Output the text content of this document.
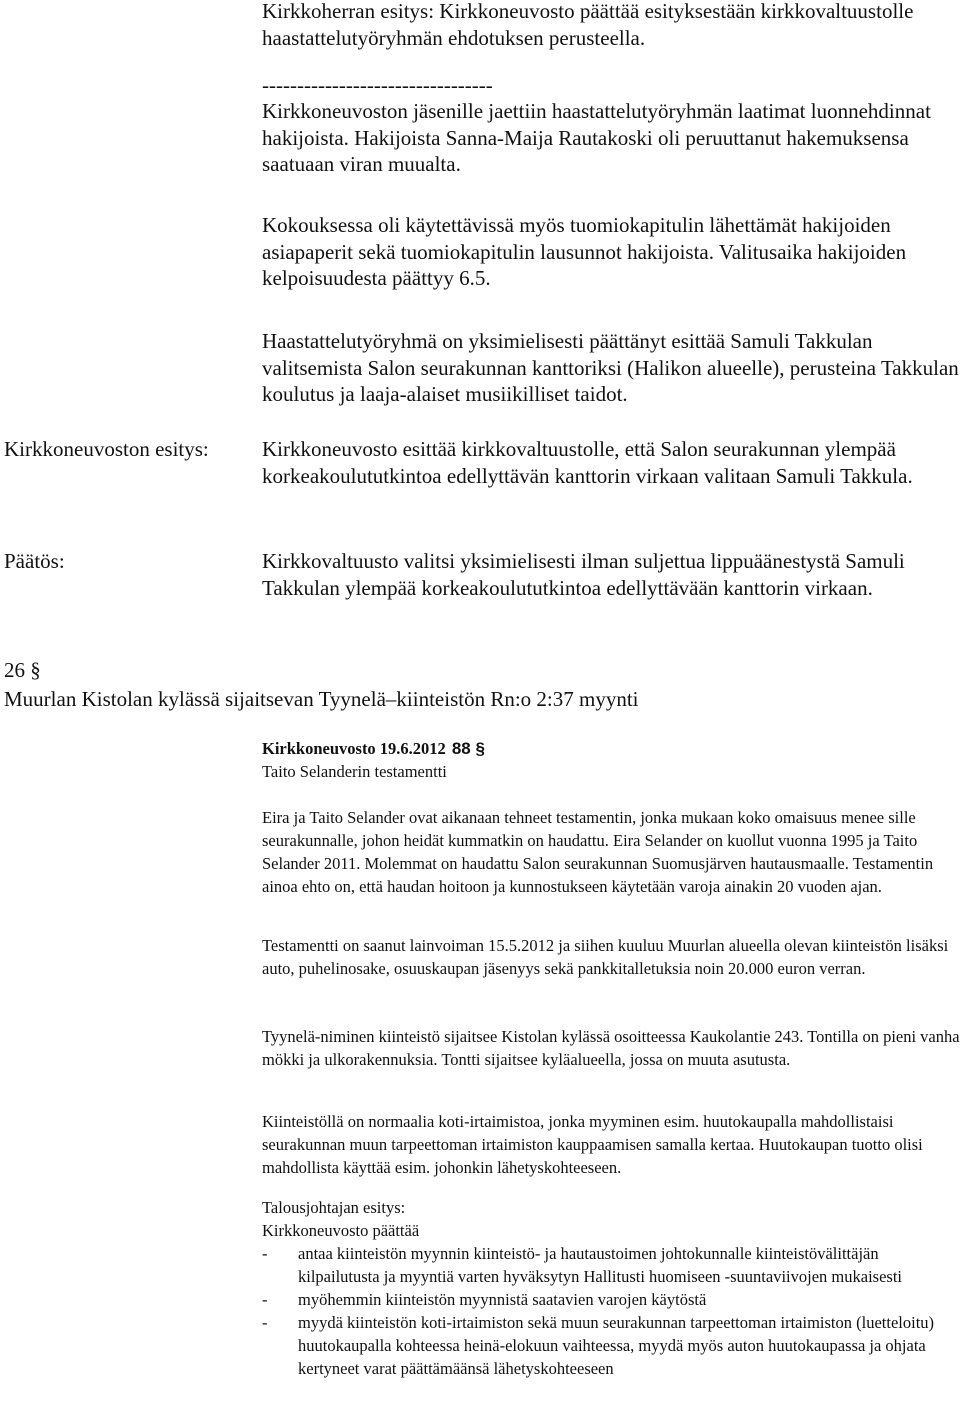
Kirkkoherran esitys: Kirkkoneuvosto päättää esityksestään kirkkovaltuustolle haastattelutyöryhmän ehdotuksen perusteella.

---------------------------------

Kirkkoneuvoston jäsenille jaettiin haastattelutyöryhmän laatimat luonnehdinnat hakijoista. Hakijoista Sanna-Maija Rautakoski oli peruuttanut hakemuksensa saatuaan viran muualta.

Kokouksessa oli käytettävissä myös tuomiokapitulin lähettämät hakijoiden asiapaperit sekä tuomiokapitulin lausunnot hakijoista. Valitusaika hakijoiden kelpoisuudesta päättyy 6.5.

Haastattelutyöryhmä on yksimielisesti päättänyt esittää Samuli Takkulan valitsemista Salon seurakunnan kanttoriksi (Halikon alueelle), perusteina Takkulan koulutus ja laaja-alaiset musiikilliset taidot.

Kirkkoneuvoston esitys:	Kirkkoneuvosto esittää kirkkovaltuustolle, että Salon seurakunnan ylempää korkeakoulututkintoa edellyttävän kanttorin virkaan valitaan Samuli Takkula.

Päätös:	Kirkkovaltuusto valitsi yksimielisesti ilman suljettua lippuäänestystä Samuli Takkulan ylempää korkeakoulututkintoa edellyttävään kanttorin virkaan.

26 §
Muurlan Kistolan kylässä sijaitsevan Tyynelä–kiinteistön Rn:o 2:37 myynti
Kirkkoneuvosto 19.6.2012 88 §
Taito Selanderin testamentti

Eira ja Taito Selander ovat aikanaan tehneet testamentin, jonka mukaan koko omaisuus menee sille seurakunnalle, johon heidät kummatkin on haudattu. Eira Selander on kuollut vuonna 1995 ja Taito Selander 2011. Molemmat on haudattu Salon seurakunnan Suomusjärven hautausmaalle. Testamentin ainoa ehto on, että haudan hoitoon ja kunnostukseen käytetään varoja ainakin 20 vuoden ajan.

Testamentti on saanut lainvoiman 15.5.2012 ja siihen kuuluu Muurlan alueella olevan kiinteistön lisäksi auto, puhelinosake, osuuskaupan jäsenyys sekä pankkitalletuksia noin 20.000 euron verran.

Tyynelä-niminen kiinteistö sijaitsee Kistolan kylässä osoitteessa Kaukolantie 243. Tontilla on pieni vanha mökki ja ulkorakennuksia. Tontti sijaitsee kyläalueella, jossa on muuta asutusta.

Kiinteistöllä on normaalia koti-irtaimistoa, jonka myyminen esim. huutokaupalla mahdollistaisi seurakunnan muun tarpeettoman irtaimiston kauppaamisen samalla kertaa. Huutokaupan tuotto olisi mahdollista käyttää esim. johonkin lähetyskohteeseen.

Talousjohtajan esitys:

Kirkkoneuvosto päättää

- antaa kiinteistön myynnin kiinteistö- ja hautaustoimen johtokunnalle kiinteistövälittäjän kilpailutusta ja myyntiä varten hyväksytyn Hallitusti huomiseen -suuntaviivojen mukaisesti
- myöhemmin kiinteistön myynnistä saatavien varojen käytöstä
- myydä kiinteistön koti-irtaimiston sekä muun seurakunnan tarpeettoman irtaimiston (luetteloitu) huutokaupalla kohteessa heinä-elokuun vaihteessa, myydä myös auton huutokaupassa ja ohjata kertyneet varat päättämäänsä lähetyskohteeseen
